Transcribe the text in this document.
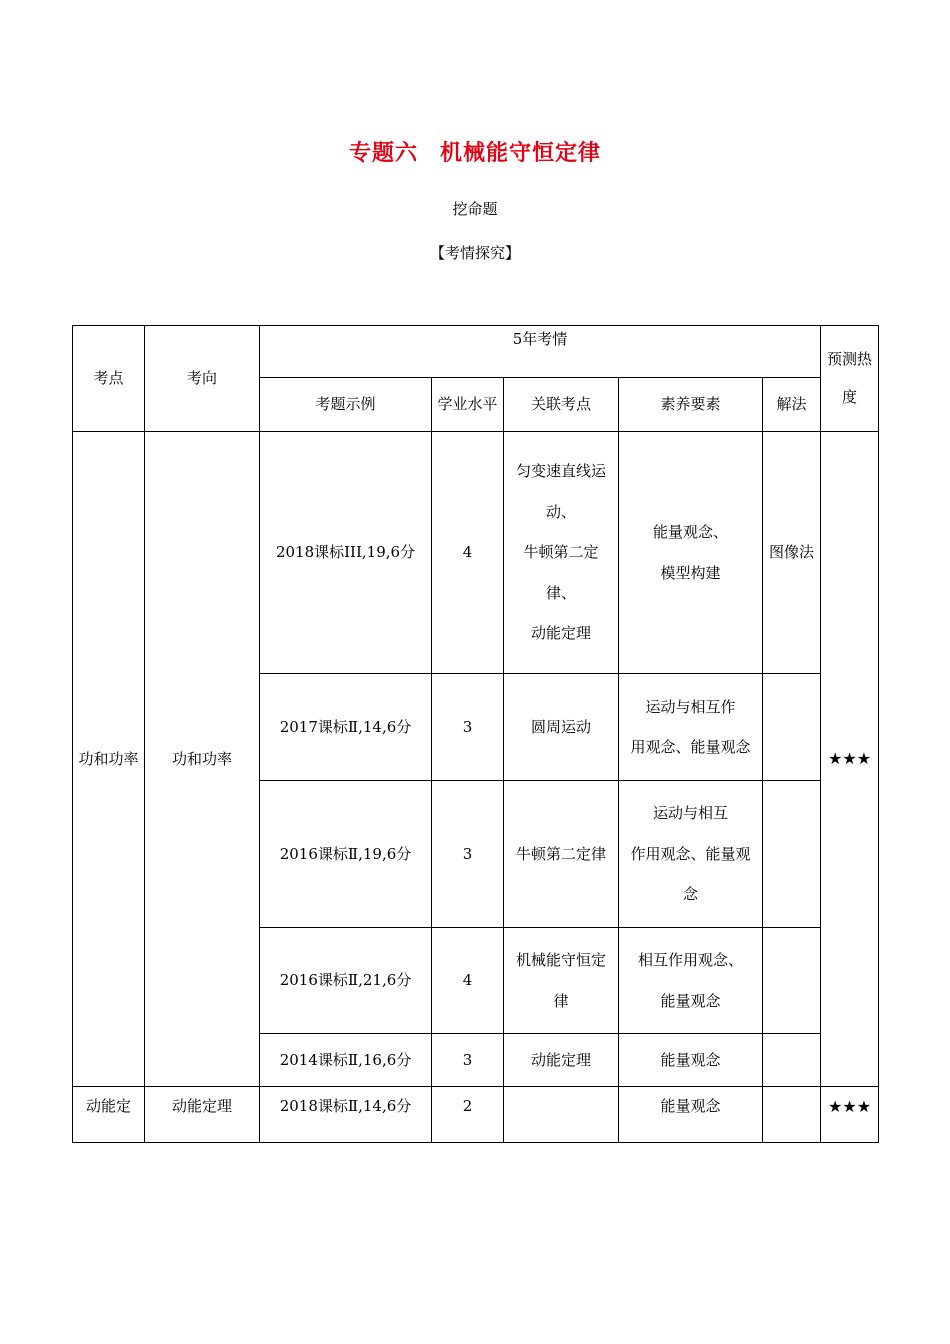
专题六 机械能守恒定律
挖命题
【考情探究】
考点	考向	5年考情					预测热
度
		考题示例	学业水平	关联考点	素养要素	解法	
功和功率	功和功率	2018课标III,19,6分	4	匀变速直线运
动、
牛顿第二定
律、
动能定理	能量观念、
模型构建	图像法	★★★
		2017课标Ⅱ,14,6分	3	圆周运动	运动与相互作
用观念、能量观念		
		2016课标Ⅱ,19,6分	3	牛顿第二定律	运动与相互
作用观念、能量观
念		
		2016课标Ⅱ,21,6分	4	机械能守恒定
律	相互作用观念、
能量观念		
		2014课标Ⅱ,16,6分	3	动能定理	能量观念		
动能定	动能定理	2018课标Ⅱ,14,6分	2		能量观念		★★★
